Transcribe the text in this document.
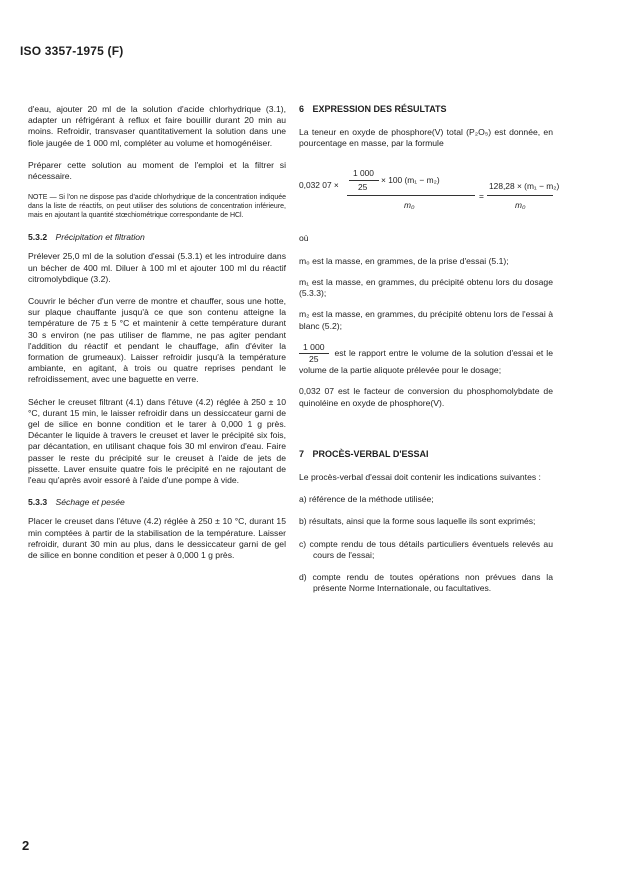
ISO 3357-1975 (F)

d'eau, ajouter 20 ml de la solution d'acide chlorhydrique (3.1), adapter un réfrigérant à reflux et faire bouillir durant 20 min au moins. Refroidir, transvaser quantitativement la solution dans une fiole jaugée de 1 000 ml, compléter au volume et homogénéiser.

Préparer cette solution au moment de l'emploi et la filtrer si nécessaire.

NOTE — Si l'on ne dispose pas d'acide chlorhydrique de la concentration indiquée dans la liste de réactifs, on peut utiliser des solutions de concentration inférieure, mais en ajoutant la quantité stœchiométrique correspondante de HCl.

5.3.2 Précipitation et filtration

Prélever 25,0 ml de la solution d'essai (5.3.1) et les introduire dans un bécher de 400 ml. Diluer à 100 ml et ajouter 100 ml du réactif citromolybdique (3.2).

Couvrir le bécher d'un verre de montre et chauffer, sous une hotte, sur plaque chauffante jusqu'à ce que son contenu atteigne la température de 75 ± 5 °C et maintenir à cette température durant 30 s environ (ne pas utiliser de flamme, ne pas agiter pendant l'addition du réactif et pendant le chauffage, afin d'éviter la formation de grumeaux). Laisser refroidir jusqu'à la température ambiante, en agitant, à trois ou quatre reprises pendant le refroidissement, avec une baguette en verre.

Sécher le creuset filtrant (4.1) dans l'étuve (4.2) réglée à 250 ± 10 °C, durant 15 min, le laisser refroidir dans un dessiccateur garni de gel de silice en bonne condition et le tarer à 0,000 1 g près. Décanter le liquide à travers le creuset et laver le précipité six fois, par décantation, en utilisant chaque fois 30 ml environ d'eau. Faire passer le reste du précipité sur le creuset à l'aide de jets de pissette. Laver ensuite quatre fois le précipité en ne rajoutant de l'eau qu'après avoir essoré à l'aide d'une pompe à vide.

5.3.3 Séchage et pesée

Placer le creuset dans l'étuve (4.2) réglée à 250 ± 10 °C, durant 15 min comptées à partir de la stabilisation de la température. Laisser refroidir, durant 30 min au plus, dans le dessiccateur garni de gel de silice en bonne condition et peser à 0,000 1 g près.

6 EXPRESSION DES RÉSULTATS

La teneur en oxyde de phosphore(V) total (P₂O₅) est donnée, en pourcentage en masse, par la formule

0,032 07 ×
1 000
25
× 100 (m₁ − m₂)
m₀
=
128,28 × (m₁ − m₂)
m₀

où

m₀ est la masse, en grammes, de la prise d'essai (5.1);

m₁ est la masse, en grammes, du précipité obtenu lors du dosage (5.3.3);

m₂ est la masse, en grammes, du précipité obtenu lors de l'essai à blanc (5.2);

$\frac{1 000}{25}$ est le rapport entre le volume de la solution d'essai et le volume de la partie aliquote prélevée pour le dosage;

0,032 07 est le facteur de conversion du phosphomolybdate de quinoléine en oxyde de phosphore(V).

7 PROCÈS-VERBAL D'ESSAI

Le procès-verbal d'essai doit contenir les indications suivantes :

a) référence de la méthode utilisée;

b) résultats, ainsi que la forme sous laquelle ils sont exprimés;

c) compte rendu de tous détails particuliers éventuels relevés au cours de l'essai;

d) compte rendu de toutes opérations non prévues dans la présente Norme Internationale, ou facultatives.

2
